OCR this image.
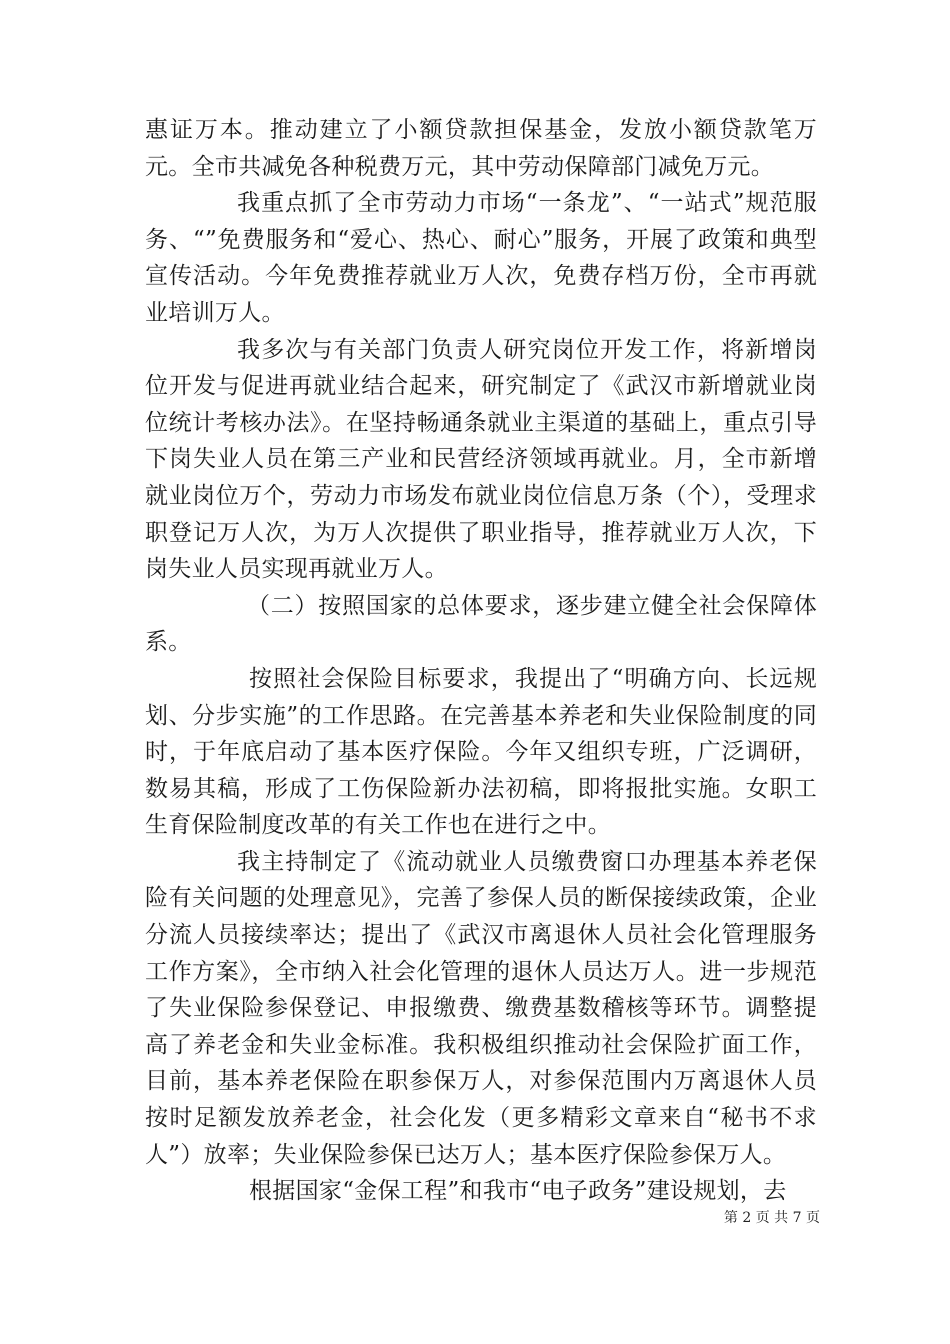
惠证万本。推动建立了小额贷款担保基金，发放小额贷款笔万元。全市共减免各种税费万元，其中劳动保障部门减免万元。

我重点抓了全市劳动力市场“一条龙”、“一站式”规范服务、“”免费服务和“爱心、热心、耐心”服务，开展了政策和典型宣传活动。今年免费推荐就业万人次，免费存档万份，全市再就业培训万人。

我多次与有关部门负责人研究岗位开发工作，将新增岗位开发与促进再就业结合起来，研究制定了《武汉市新增就业岗位统计考核办法》。在坚持畅通条就业主渠道的基础上，重点引导下岗失业人员在第三产业和民营经济领域再就业。月，全市新增就业岗位万个，劳动力市场发布就业岗位信息万条（个），受理求职登记万人次，为万人次提供了职业指导，推荐就业万人次，下岗失业人员实现再就业万人。

（二）按照国家的总体要求，逐步建立健全社会保障体系。

按照社会保险目标要求，我提出了“明确方向、长远规划、分步实施”的工作思路。在完善基本养老和失业保险制度的同时，于年底启动了基本医疗保险。今年又组织专班，广泛调研，数易其稿，形成了工伤保险新办法初稿，即将报批实施。女职工生育保险制度改革的有关工作也在进行之中。

我主持制定了《流动就业人员缴费窗口办理基本养老保险有关问题的处理意见》，完善了参保人员的断保接续政策，企业分流人员接续率达；提出了《武汉市离退休人员社会化管理服务工作方案》，全市纳入社会化管理的退休人员达万人。进一步规范了失业保险参保登记、申报缴费、缴费基数稽核等环节。调整提高了养老金和失业金标准。我积极组织推动社会保险扩面工作，目前，基本养老保险在职参保万人，对参保范围内万离退休人员按时足额发放养老金，社会化发（更多精彩文章来自“秘书不求人”）放率；失业保险参保已达万人；基本医疗保险参保万人。

根据国家“金保工程”和我市“电子政务”建设规划，去

第 2 页 共 7 页
